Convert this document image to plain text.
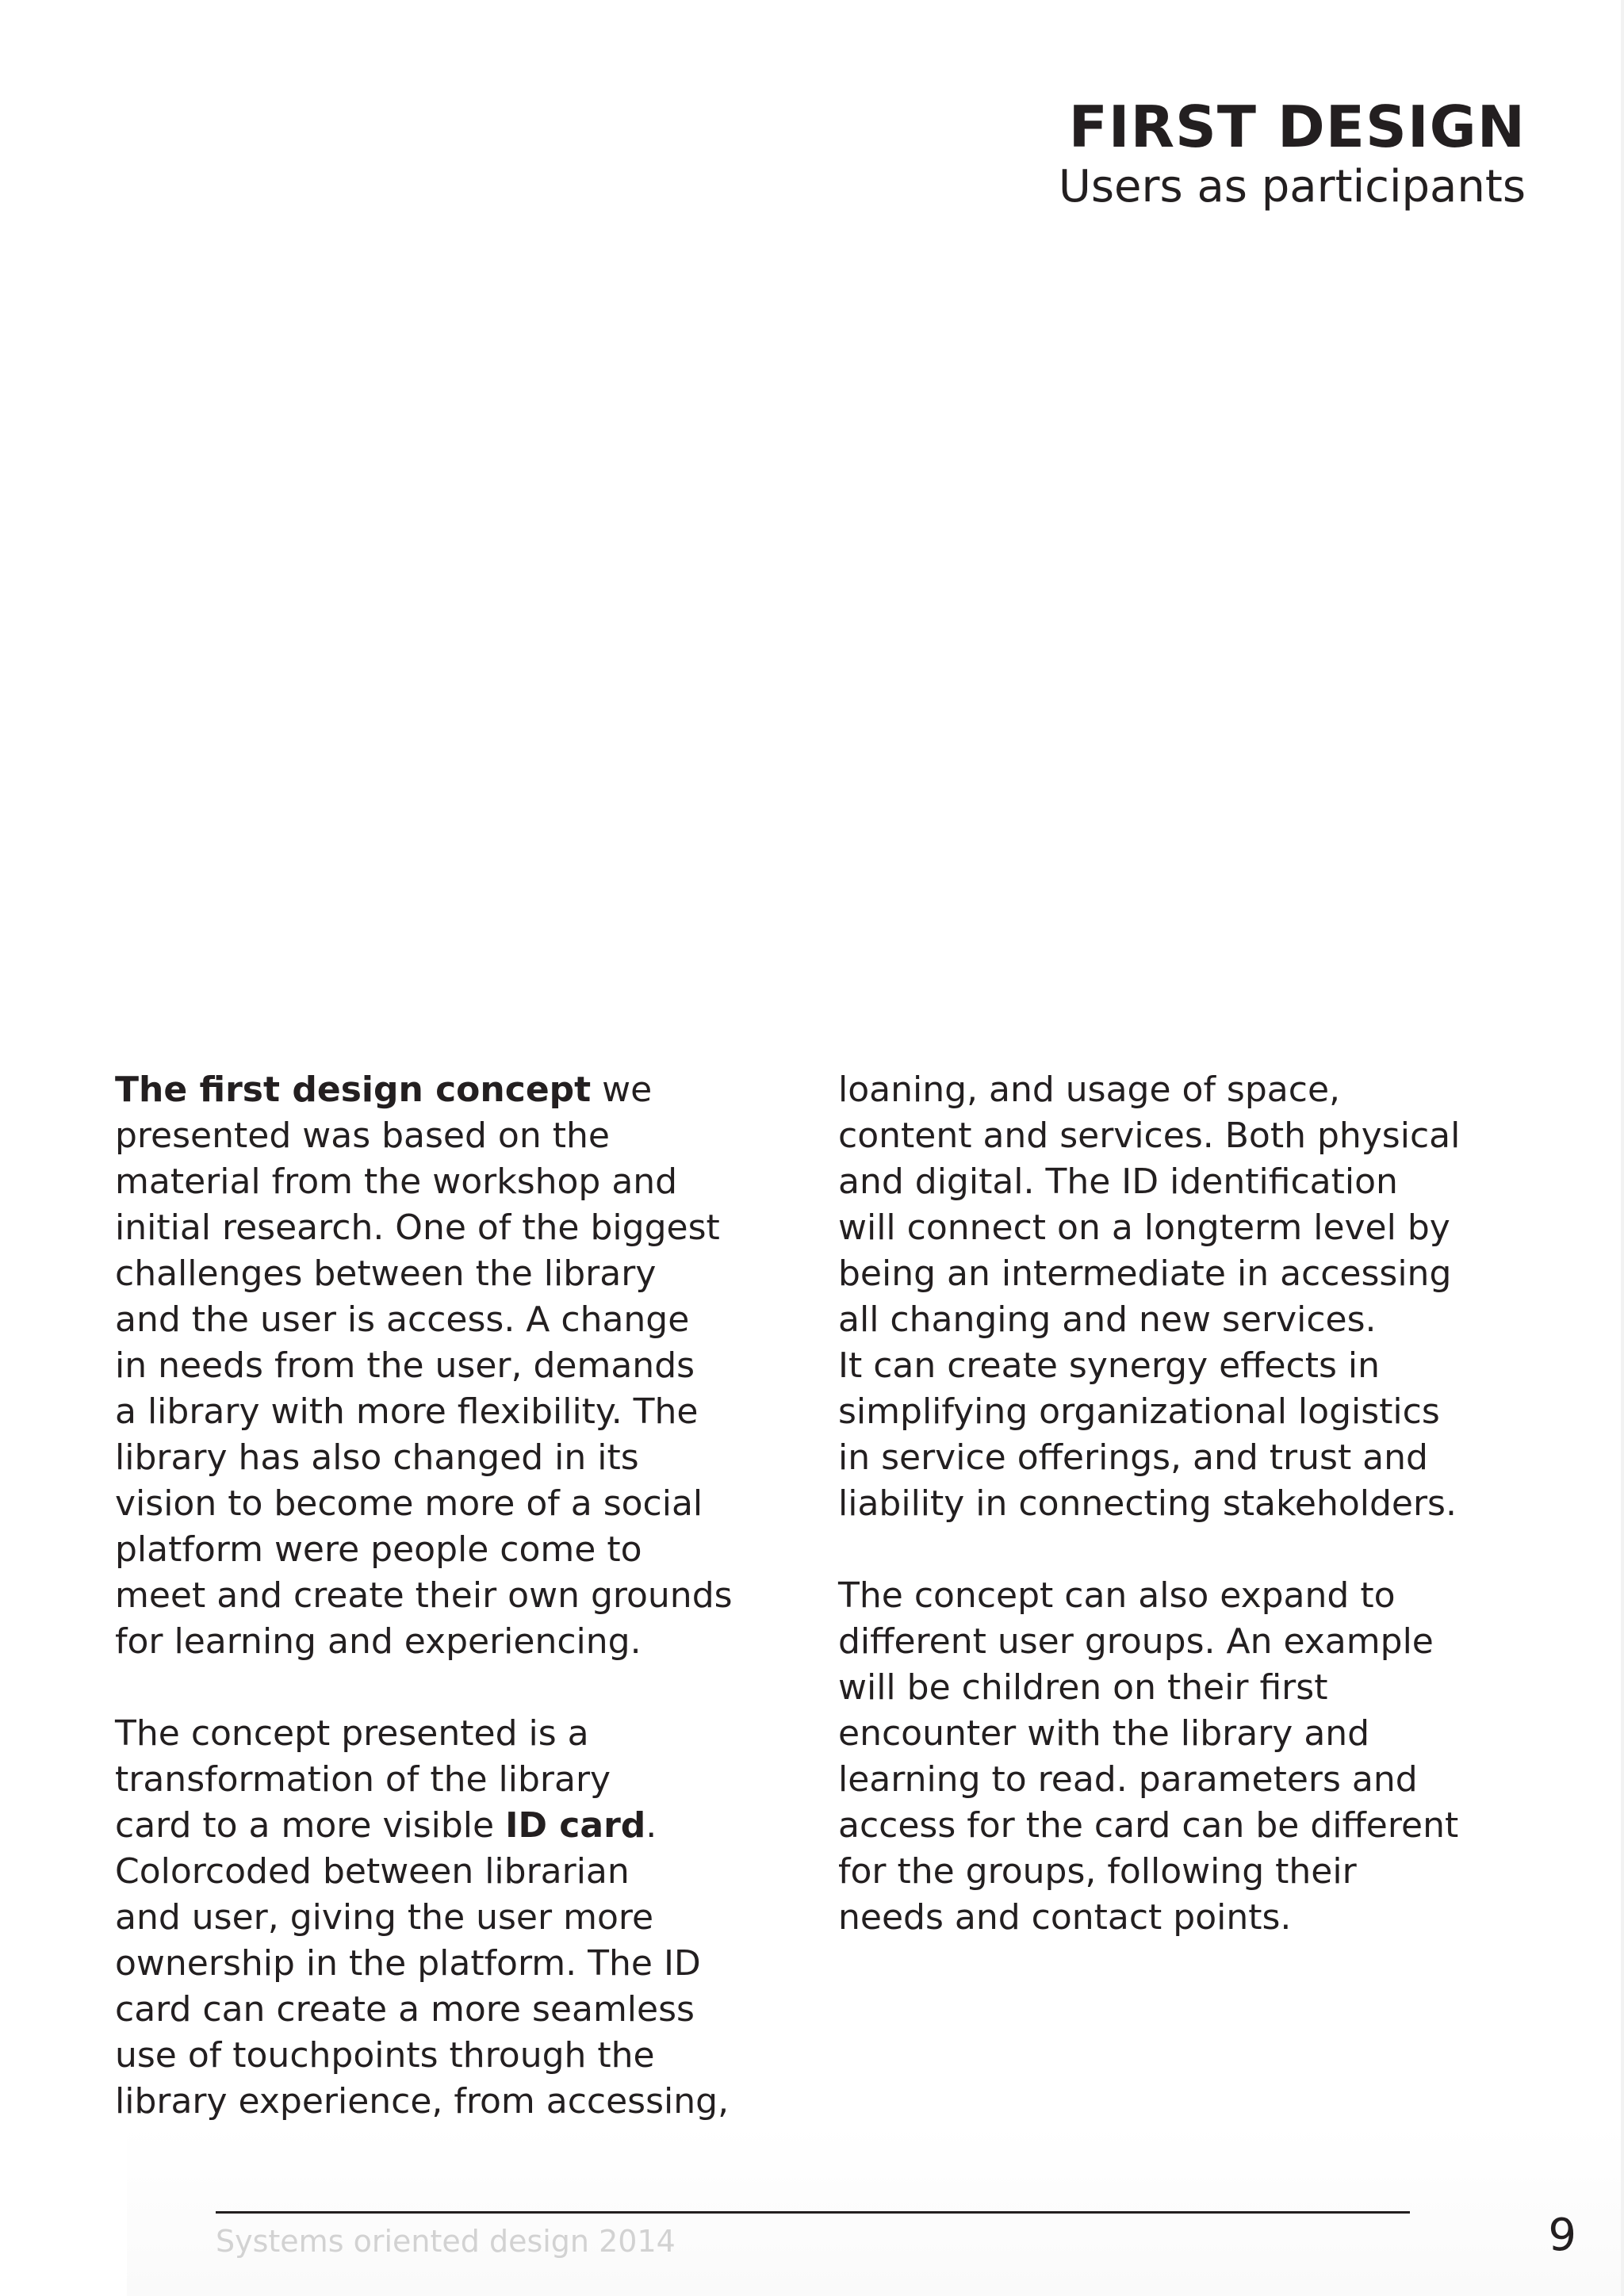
FIRST DESIGN
Users as participants
The first design concept we
presented was based on the
material from the workshop and
initial research. One of the biggest
challenges between the library
and the user is access. A change
in needs from the user, demands
a library with more flexibility. The
library has also changed in its
vision to become more of a social
platform were people come to
meet and create their own grounds
for learning and experiencing.
The concept presented is a
transformation of the library
card to a more visible ID card.
Colorcoded between librarian
and user, giving the user more
ownership in the platform. The ID
card can create a more seamless
use of touchpoints through the
library experience, from accessing,
loaning, and usage of space,
content and services. Both physical
and digital. The ID identification
will connect on a longterm level by
being an intermediate in accessing
all changing and new services.
It can create synergy effects in
simplifying organizational logistics
in service offerings, and trust and
liability in connecting stakeholders.
The concept can also expand to
different user groups. An example
will be children on their first
encounter with the library and
learning to read. parameters and
access for the card can be different
for the groups, following their
needs and contact points.
Systems oriented design 2014	9
